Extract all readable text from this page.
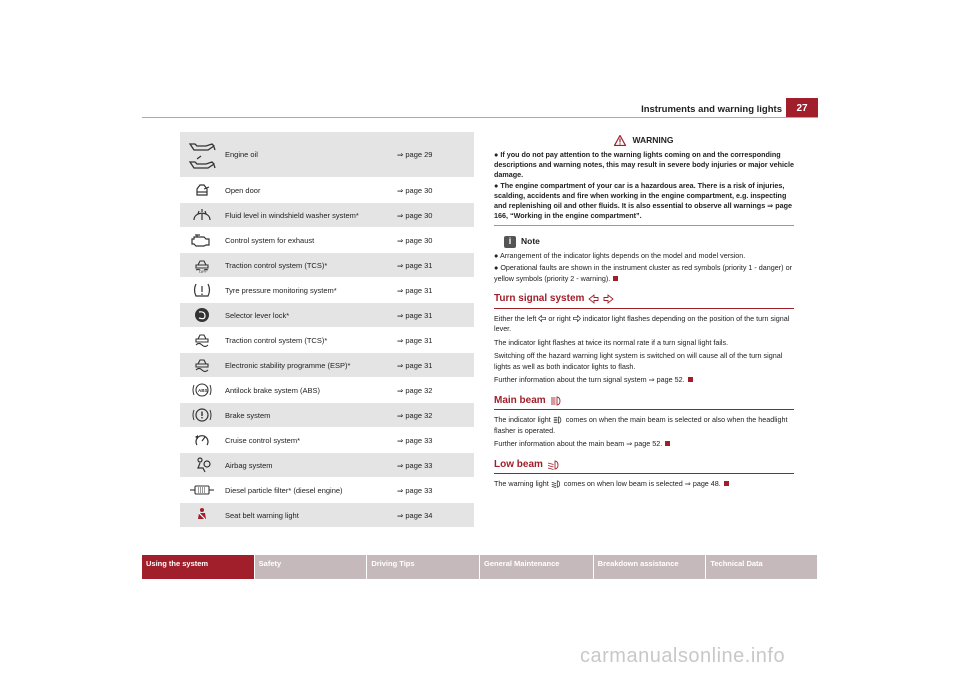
Instruments and warning lights	27
Engine oil	⇒ page 29
Open door	⇒ page 30
Fluid level in windshield washer system*	⇒ page 30
Control system for exhaust	⇒ page 30
OFF
Traction control system (TCS)*	⇒ page 31
Tyre pressure monitoring system*	⇒ page 31
Selector lever lock*	⇒ page 31
Traction control system (TCS)*	⇒ page 31
Electronic stability programme (ESP)*	⇒ page 31
ABS Antilock brake system (ABS)	⇒ page 32
Brake system	⇒ page 32
Cruise control system*	⇒ page 33
Airbag system	⇒ page 33
Diesel particle filter* (diesel engine)	⇒ page 33
Seat belt warning light	⇒ page 34
WARNING

● If you do not pay attention to the warning lights coming on and the corresponding descriptions and warning notes, this may result in severe body injuries or major vehicle damage.

● The engine compartment of your car is a hazardous area. There is a risk of injuries, scalding, accidents and fire when working in the engine compartment, e.g. inspecting and replenishing oil and other fluids. It is also essential to observe all warnings ⇒ page 166, “Working in the engine compartment”.

i	Note

● Arrangement of the indicator lights depends on the model and model version.

● Operational faults are shown in the instrument cluster as red symbols (priority 1 - danger) or yellow symbols (priority 2 - warning).

Turn signal system

Either the left or right indicator light flashes depending on the position of the turn signal lever.

The indicator light flashes at twice its normal rate if a turn signal light fails.

Switching off the hazard warning light system is switched on will cause all of the turn signal lights as well as both indicator lights to flash.

Further information about the turn signal system ⇒ page 52.

Main beam

The indicator light comes on when the main beam is selected or also when the headlight flasher is operated.

Further information about the main beam ⇒ page 52.

Low beam

The warning light comes on when low beam is selected ⇒ page 48.

Using the system	Safety	Driving Tips	General Maintenance	Breakdown assistance	Technical Data
carmanualsonline.info
